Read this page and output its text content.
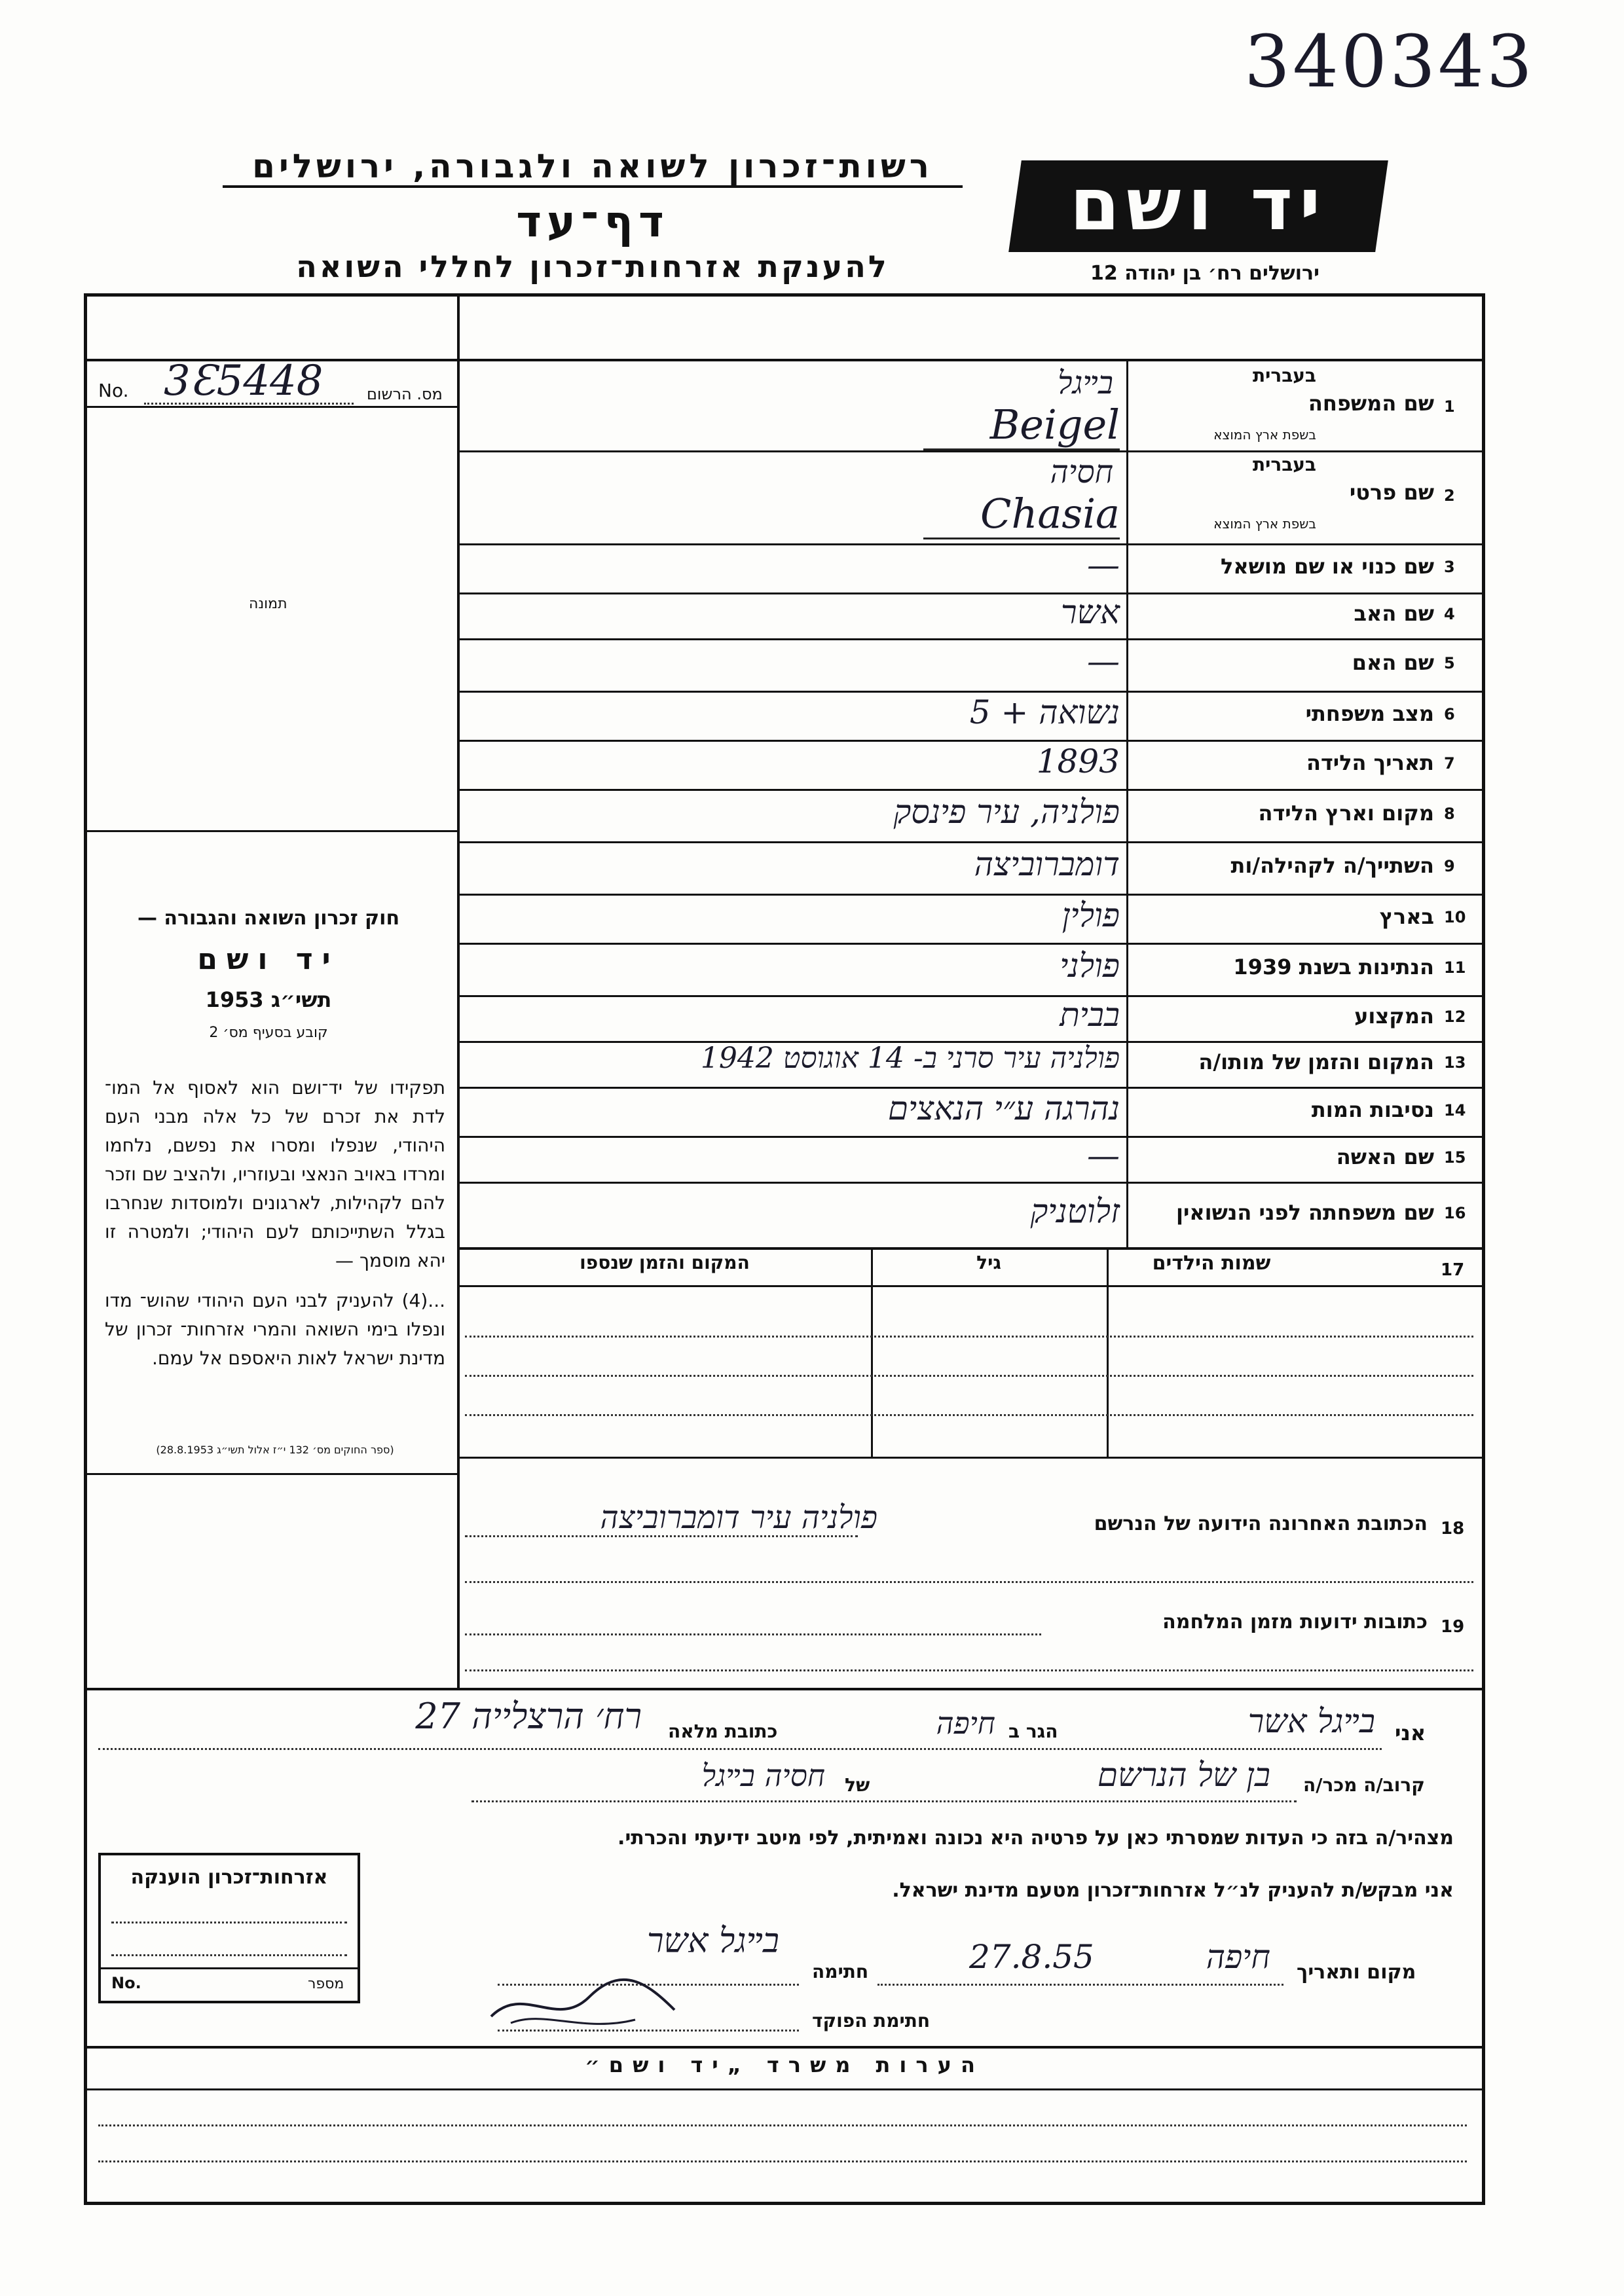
340343
רשות־זכרון לשואה ולגבורה, ירושלים
דף־עד
להענקת אזרחות־זכרון לחללי השואה
יד ושם
ירושלים רח׳ בן יהודה 12
No. 3Ɛ5448	מס. הרשום
תמונה
חוק זכרון השואה והגבורה —
יד ושם
תשי״ג 1953
קובע בסעיף מס׳ 2
תפקידו של יד־ושם הוא לאסוף אל המו־ לדת את זכרם של כל אלה מבני העם היהודי, שנפלו ומסרו את נפשם, נלחמו ומרדו באויב הנאצי ובעוזריו, ולהציב שם וזכר להם לקהילות, לארגונים ולמוסדות שנחרבו בגלל השתייכותם לעם היהודי; ולמטרה זו יהא מוסמך —
...(4) להעניק לבני העם היהודי שהוש־ מדו ונפלו בימי השואה והמרי אזרחות־ זכרון של מדינת ישראל לאות היאספם אל עמם.
(ספר החוקים מס׳ 132 י״ז אלול תשי״ג 28.8.1953)
1
שם המשפחה
בעברית
בשפת ארץ המוצא
בײגל
Beigel
2
שם פרטי
בעברית
בשפת ארץ המוצא
חסיה
Chasia
3
שם כנוי או שם מושאל
—
4
שם האב
אשר
5
שם האם
—
6
מצב משפחתי
נשואה + 5
7
תאריך הלידה
1893
8
מקום וארץ הלידה
פולניה, עיר פינסק
9
השתייך/ה לקהילה/ות
דומברוביצה
10
בארץ
פולין
11
הנתינות בשנת 1939
פולני
12
המקצוע
בבית
13
המקום והזמן של מותו/ה
פולניה עיר סרני ב- 14 אוגוסט 1942
14
נסיבות המות
נהרגה ע״י הנאצים
15
שם האשה
—
16
שם משפחתה לפני הנשואין
זלוטניק
17
שמות הילדים
גיל
המקום והזמן שנספו
18
הכתובת האחרונה הידועה של הנרשם
פולניה עיר דומברוביצה
19
כתובות ידועות מזמן המלחמה
אני
בײגל אשר
הגר ב
חיפה
כתובת מלאה
רח׳ הרצלייה 27
קרוב/ה מכר/ה
בן של הנרשם
של
חסיה בײגל
מצהיר/ה בזה כי העדות שמסרתי כאן על פרטיה היא נכונה ואמיתית, לפי מיטב ידיעתי והכרתי.
אני מבקש/ת להעניק לנ״ל אזרחות־זכרון מטעם מדינת ישראל.
מקום ותאריך
חיפה
27.8.55
חתימה
בײגל אשר
חתימת הפוקד
אזרחות־זכרון הוענקה
No.	מספר
הערות משרד „יד ושם״
